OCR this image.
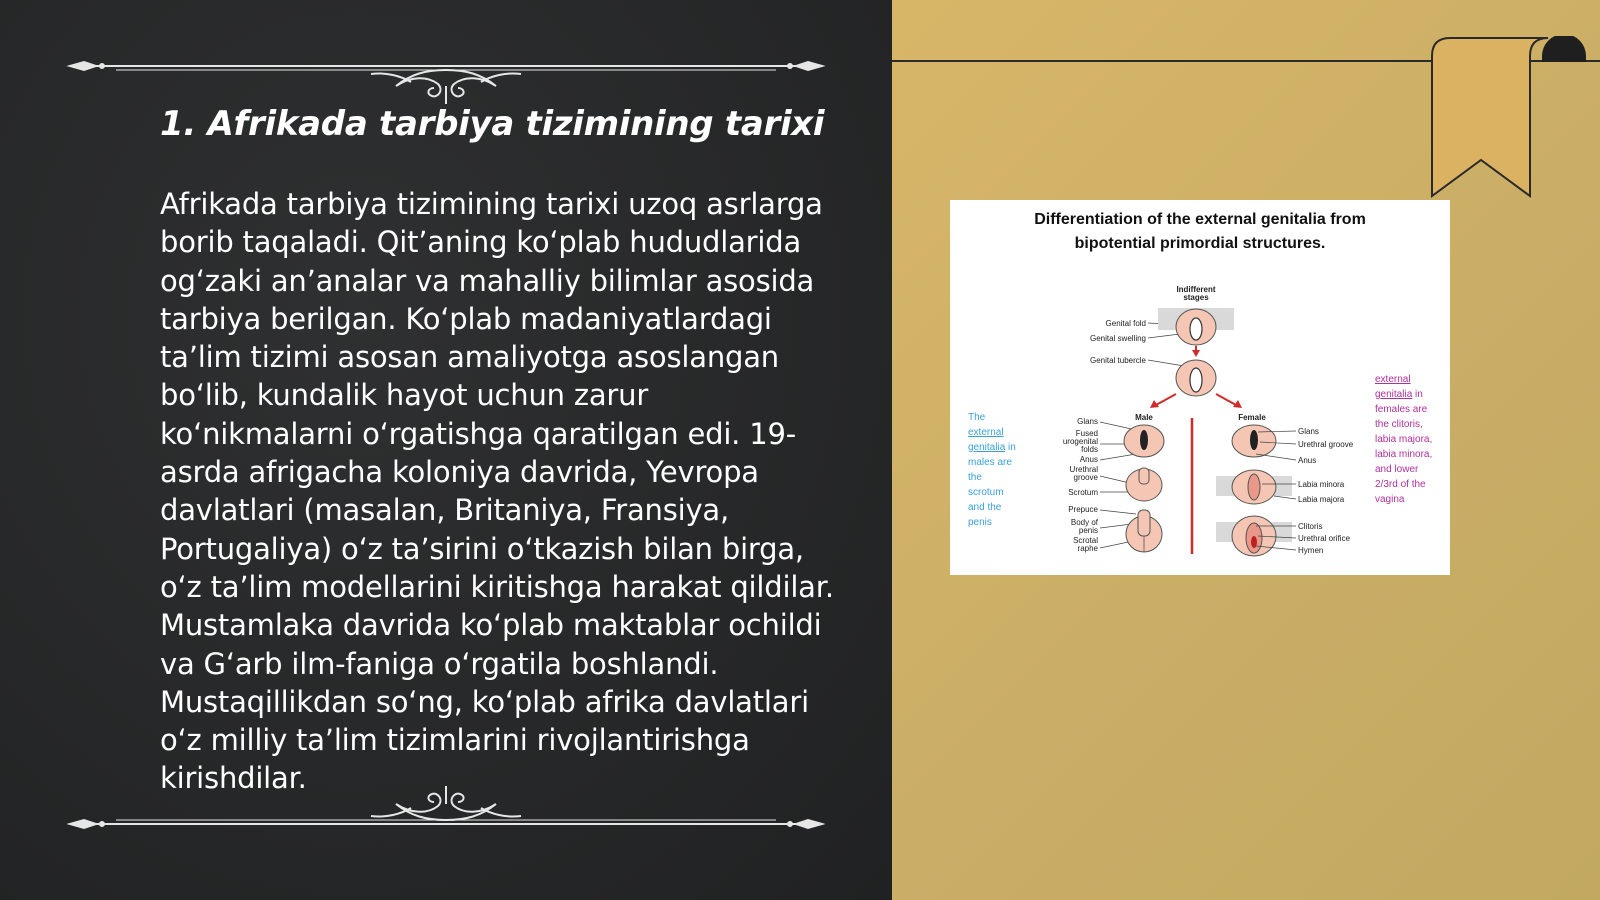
1. Afrikada tarbiya tizimining tarixi

Afrikada tarbiya tizimining tarixi uzoq asrlarga borib taqaladi. Qit’aning ko‘plab hududlarida og‘zaki an’analar va mahalliy bilimlar asosida tarbiya berilgan. Ko‘plab madaniyatlardagi ta’lim tizimi asosan amaliyotga asoslangan bo‘lib, kundalik hayot uchun zarur ko‘nikmalarni o‘rgatishga qaratilgan edi. 19-asrda afrigacha koloniya davrida, Yevropa davlatlari (masalan, Britaniya, Fransiya, Portugaliya) o‘z ta’sirini o‘tkazish bilan birga, o‘z ta’lim modellarini kiritishga harakat qildilar. Mustamlaka davrida ko‘plab maktablar ochildi va G‘arb ilm-faniga o‘rgatila boshlandi. Mustaqillikdan so‘ng, ko‘plab afrika davlatlari o‘z milliy ta’lim tizimlarini rivojlantirishga kirishdilar.

Differentiation of the external genitalia from
bipotential primordial structures.
Indifferent
stages
Genital fold
Genital swelling
Genital tubercle
Male	Female
Glans
Fused
urogenital
folds
Anus
Urethral
groove
Scrotum
Prepuce
Body of
penis
Scrotal
raphe
Glans
Urethral groove
Anus
Labia minora
Labia majora
Clitoris
Urethral orifice
Hymen
The external genitalia in males are the scrotum and the penis
external genitalia in females are the clitoris, labia majora, labia minora, and lower 2/3rd of the vagina
